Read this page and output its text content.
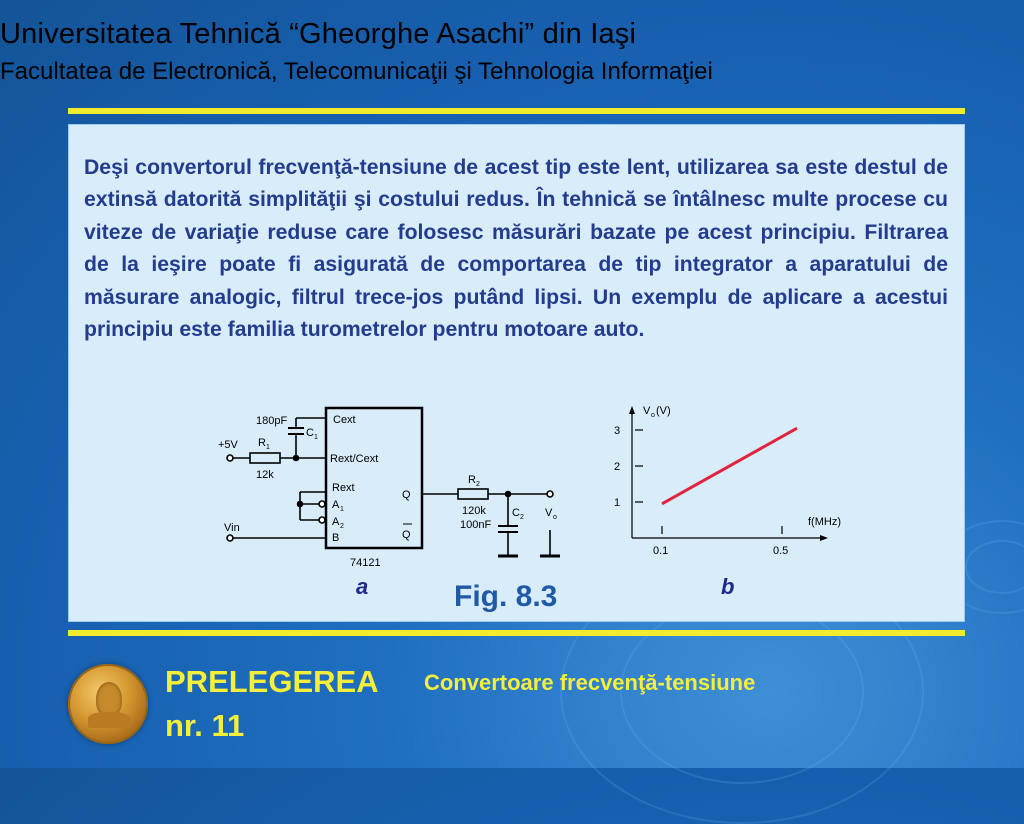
Universitatea Tehnică “Gheorghe Asachi” din Iaşi
Facultatea de Electronică, Telecomunicaţii şi Tehnologia Informaţiei
Deşi convertorul frecvenţă-tensiune de acest tip este lent, utilizarea sa este destul de extinsă datorită simplităţii şi costului redus. În tehnică se întâlnesc multe procese cu viteze de variaţie reduse care folosesc măsurări bazate pe acest principiu. Filtrarea de la ieşire poate fi asigurată de comportarea de tip integrator a aparatului de măsurare analogic, filtrul trece-jos putând lipsi. Un exemplu de aplicare a acestui principiu este familia turometrelor pentru motoare auto.
180pF
C 1
+5V R 1
12k
Vin
Cext
Rext/Cext
Rext
A 1
A 2
B
Q
Q
74121
R 2
120k C 2
100nF
V o
V o (V)
f(MHz)
1
2
3
0.1	0.5
a	b
Fig. 8.3
PRELEGEREA
nr. 11
Convertoare frecvenţă-tensiune
